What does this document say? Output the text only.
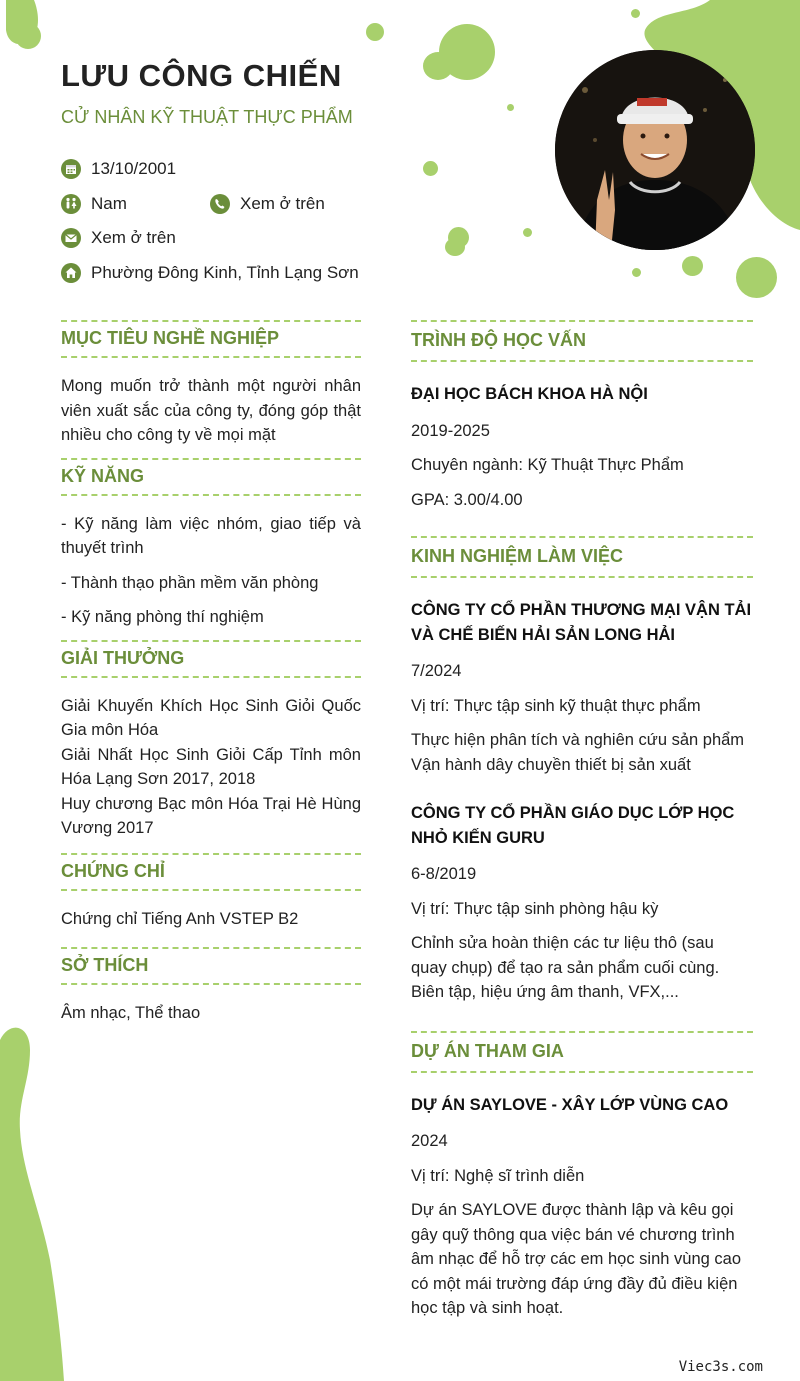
LƯU CÔNG CHIẾN
CỬ NHÂN KỸ THUẬT THỰC PHẨM
13/10/2001
Nam	Xem ở trên
Xem ở trên
Phường Đông Kinh, Tỉnh Lạng Sơn
MỤC TIÊU NGHỀ NGHIỆP

Mong muốn trở thành một người nhân viên xuất sắc của công ty, đóng góp thật nhiều cho công ty về mọi mặt

KỸ NĂNG

- Kỹ năng làm việc nhóm, giao tiếp và thuyết trình

- Thành thạo phần mềm văn phòng

- Kỹ năng phòng thí nghiệm

GIẢI THƯỞNG

Giải Khuyến Khích Học Sinh Giỏi Quốc Gia môn Hóa

Giải Nhất Học Sinh Giỏi Cấp Tỉnh môn Hóa Lạng Sơn 2017, 2018

Huy chương Bạc môn Hóa Trại Hè Hùng Vương 2017

CHỨNG CHỈ

Chứng chỉ Tiếng Anh VSTEP B2

SỞ THÍCH

Âm nhạc, Thể thao

TRÌNH ĐỘ HỌC VẤN
ĐẠI HỌC BÁCH KHOA HÀ NỘI

2019-2025

Chuyên ngành: Kỹ Thuật Thực Phẩm

GPA: 3.00/4.00

KINH NGHIỆM LÀM VIỆC
CÔNG TY CỔ PHẦN THƯƠNG MẠI VẬN TẢI VÀ CHẾ BIẾN HẢI SẢN LONG HẢI

7/2024

Vị trí: Thực tập sinh kỹ thuật thực phẩm

Thực hiện phân tích và nghiên cứu sản phẩm

Vận hành dây chuyền thiết bị sản xuất

CÔNG TY CỔ PHẦN GIÁO DỤC LỚP HỌC NHỎ KIẾN GURU

6-8/2019

Vị trí: Thực tập sinh phòng hậu kỳ

Chỉnh sửa hoàn thiện các tư liệu thô (sau quay chụp) để tạo ra sản phẩm cuối cùng.

Biên tập, hiệu ứng âm thanh, VFX,...

DỰ ÁN THAM GIA
DỰ ÁN SAYLOVE - XÂY LỚP VÙNG CAO

2024

Vị trí: Nghệ sĩ trình diễn

Dự án SAYLOVE được thành lập và kêu gọi gây quỹ thông qua việc bán vé chương trình âm nhạc để hỗ trợ các em học sinh vùng cao có một mái trường đáp ứng đầy đủ điều kiện học tập và sinh hoạt.

Viec3s.com
